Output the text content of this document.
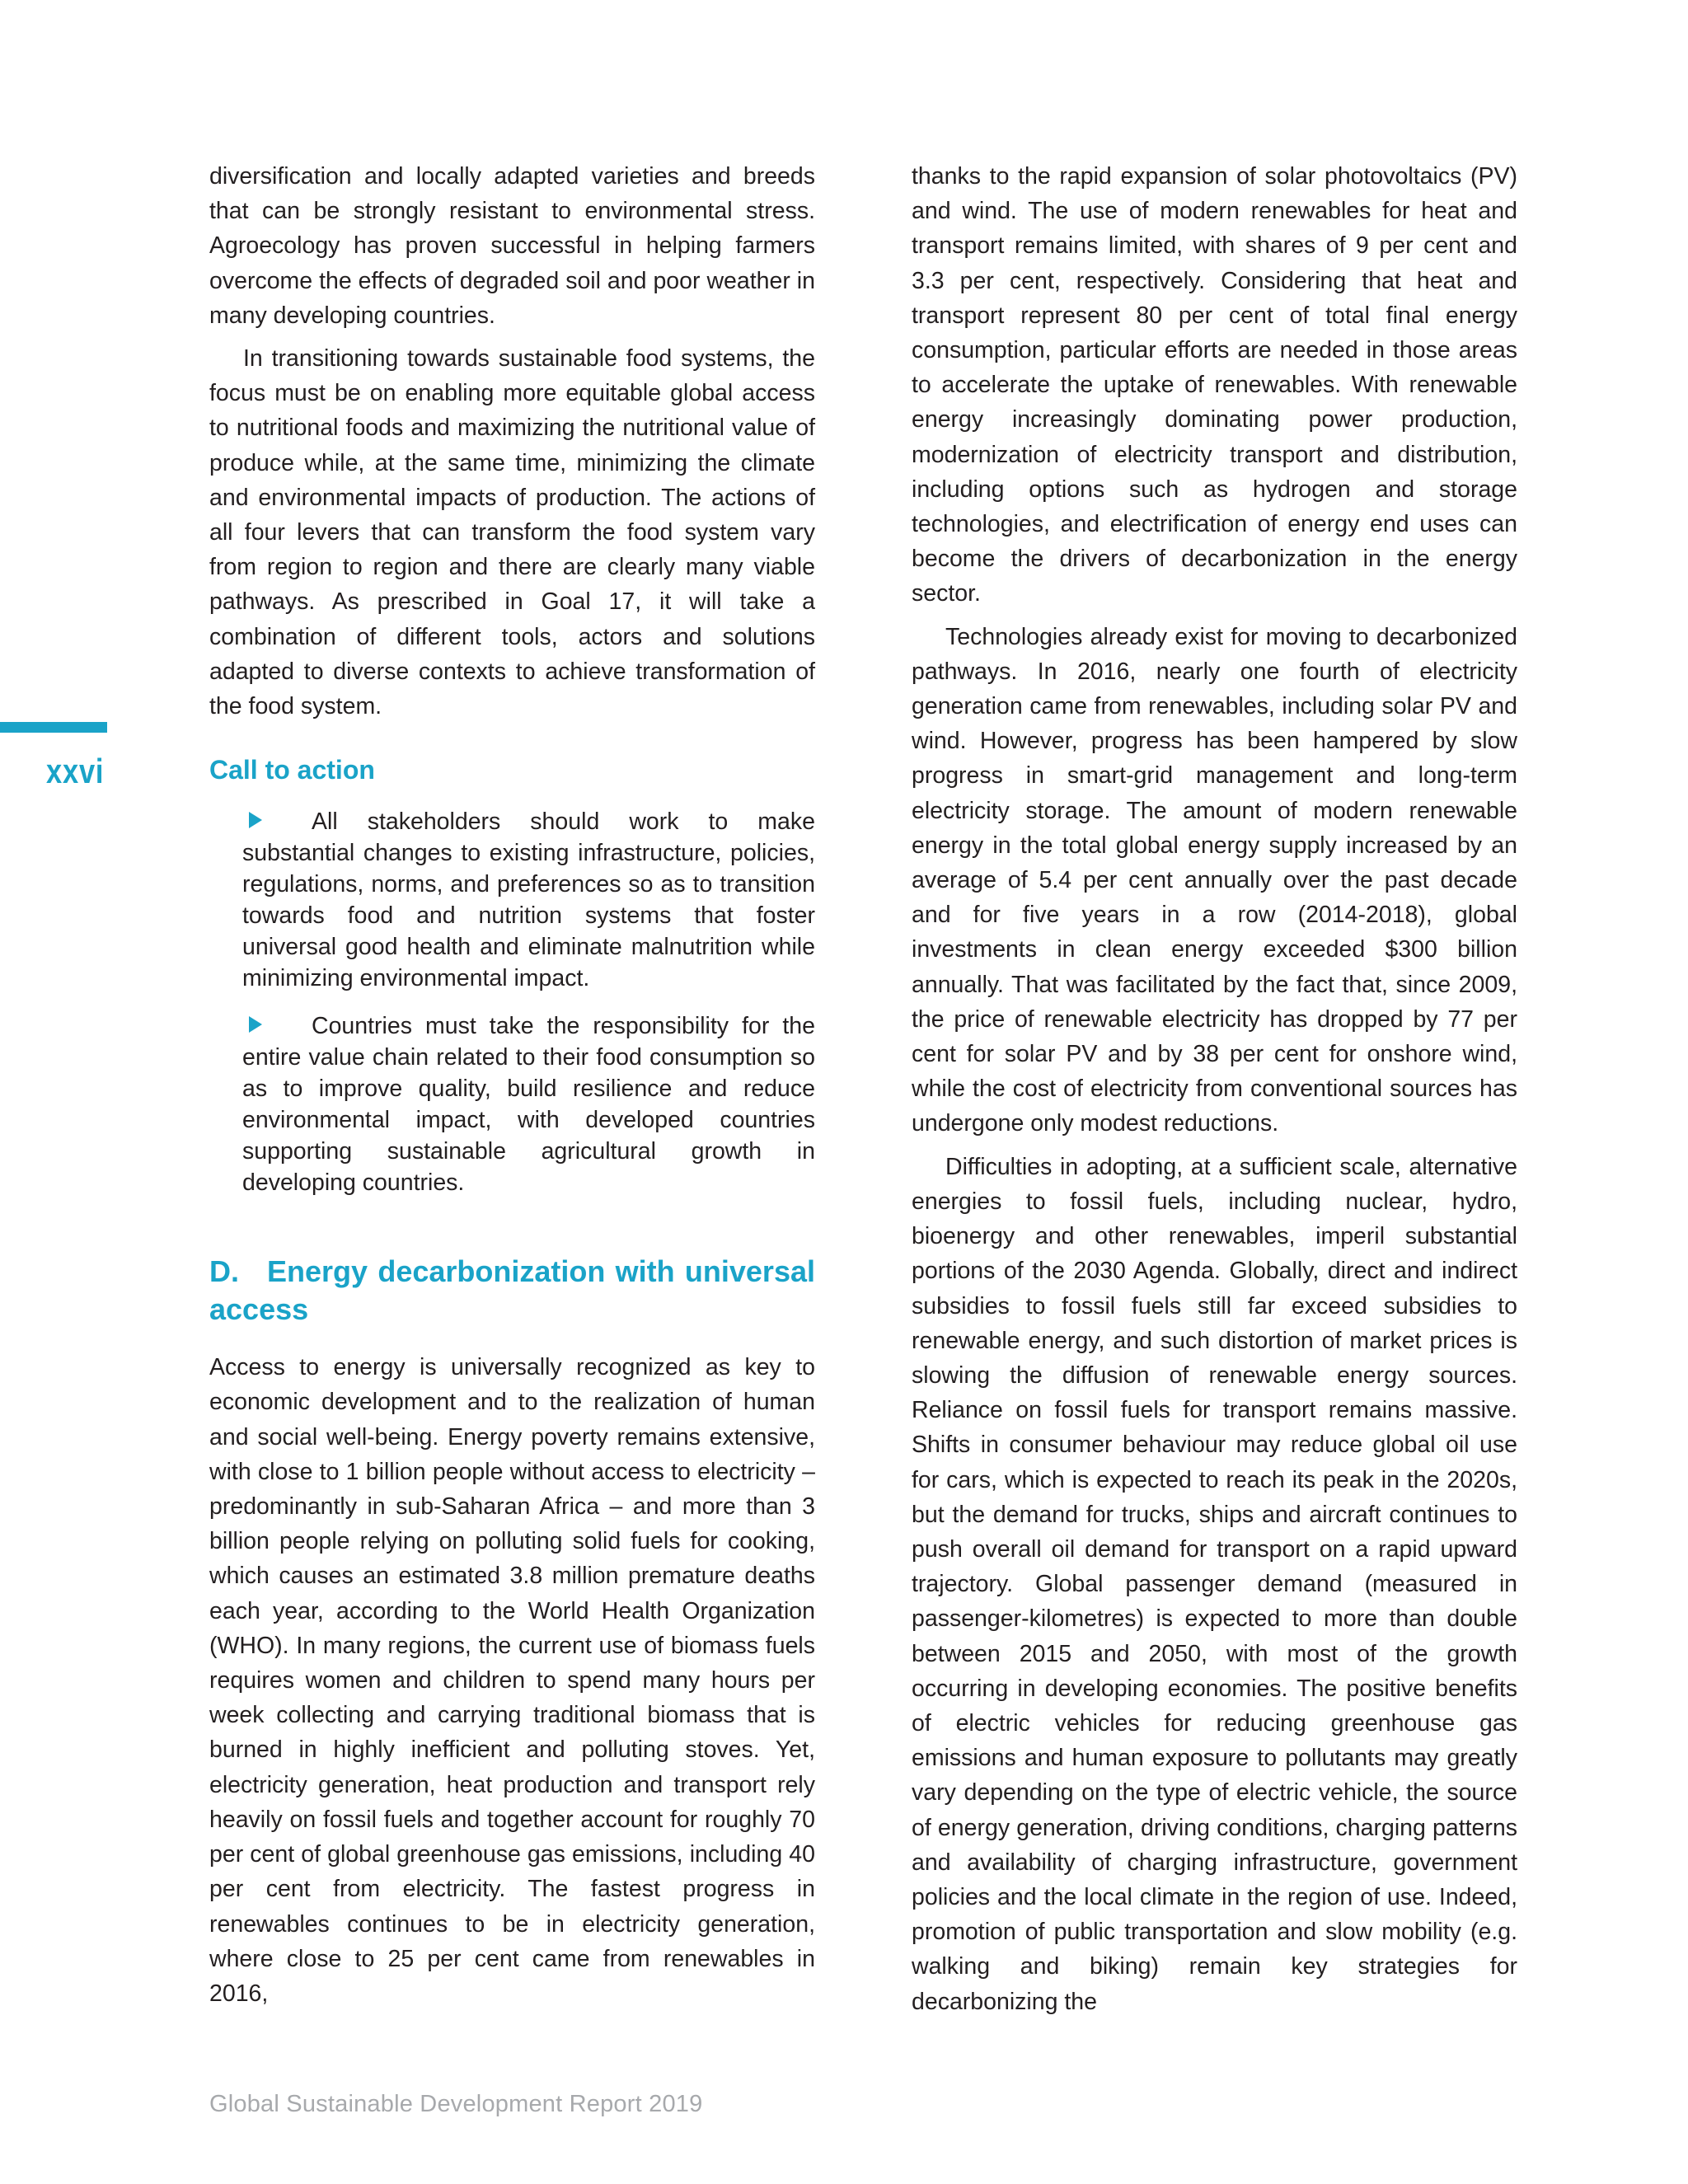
xxvi

diversification and locally adapted varieties and breeds that can be strongly resistant to environmental stress. Agroecology has proven successful in helping farmers overcome the effects of degraded soil and poor weather in many developing countries.

In transitioning towards sustainable food systems, the focus must be on enabling more equitable global access to nutritional foods and maximizing the nutritional value of produce while, at the same time, minimizing the climate and environmental impacts of production. The actions of all four levers that can transform the food system vary from region to region and there are clearly many viable pathways. As prescribed in Goal 17, it will take a combination of different tools, actors and solutions adapted to diverse contexts to achieve transformation of the food system.

Call to action
All stakeholders should work to make substantial changes to existing infrastructure, policies, regulations, norms, and preferences so as to transition towards food and nutrition systems that foster universal good health and eliminate malnutrition while minimizing environmental impact.
Countries must take the responsibility for the entire value chain related to their food consumption so as to improve quality, build resilience and reduce environmental impact, with developed countries supporting sustainable agricultural growth in developing countries.
D. Energy decarbonization with universal access

Access to energy is universally recognized as key to economic development and to the realization of human and social well-being. Energy poverty remains extensive, with close to 1 billion people without access to electricity – predominantly in sub-Saharan Africa – and more than 3 billion people relying on polluting solid fuels for cooking, which causes an estimated 3.8 million premature deaths each year, according to the World Health Organization (WHO). In many regions, the current use of biomass fuels requires women and children to spend many hours per week collecting and carrying traditional biomass that is burned in highly inefficient and polluting stoves. Yet, electricity generation, heat production and transport rely heavily on fossil fuels and together account for roughly 70 per cent of global greenhouse gas emissions, including 40 per cent from electricity. The fastest progress in renewables continues to be in electricity generation, where close to 25 per cent came from renewables in 2016,

thanks to the rapid expansion of solar photovoltaics (PV) and wind. The use of modern renewables for heat and transport remains limited, with shares of 9 per cent and 3.3 per cent, respectively. Considering that heat and transport represent 80 per cent of total final energy consumption, particular efforts are needed in those areas to accelerate the uptake of renewables. With renewable energy increasingly dominating power production, modernization of electricity transport and distribution, including options such as hydrogen and storage technologies, and electrification of energy end uses can become the drivers of decarbonization in the energy sector.

Technologies already exist for moving to decarbonized pathways. In 2016, nearly one fourth of electricity generation came from renewables, including solar PV and wind. However, progress has been hampered by slow progress in smart-grid management and long-term electricity storage. The amount of modern renewable energy in the total global energy supply increased by an average of 5.4 per cent annually over the past decade and for five years in a row (2014-2018), global investments in clean energy exceeded $300 billion annually. That was facilitated by the fact that, since 2009, the price of renewable electricity has dropped by 77 per cent for solar PV and by 38 per cent for onshore wind, while the cost of electricity from conventional sources has undergone only modest reductions.

Difficulties in adopting, at a sufficient scale, alternative energies to fossil fuels, including nuclear, hydro, bioenergy and other renewables, imperil substantial portions of the 2030 Agenda. Globally, direct and indirect subsidies to fossil fuels still far exceed subsidies to renewable energy, and such distortion of market prices is slowing the diffusion of renewable energy sources. Reliance on fossil fuels for transport remains massive. Shifts in consumer behaviour may reduce global oil use for cars, which is expected to reach its peak in the 2020s, but the demand for trucks, ships and aircraft continues to push overall oil demand for transport on a rapid upward trajectory. Global passenger demand (measured in passenger-kilometres) is expected to more than double between 2015 and 2050, with most of the growth occurring in developing economies. The positive benefits of electric vehicles for reducing greenhouse gas emissions and human exposure to pollutants may greatly vary depending on the type of electric vehicle, the source of energy generation, driving conditions, charging patterns and availability of charging infrastructure, government policies and the local climate in the region of use. Indeed, promotion of public transportation and slow mobility (e.g. walking and biking) remain key strategies for decarbonizing the

Global Sustainable Development Report 2019
